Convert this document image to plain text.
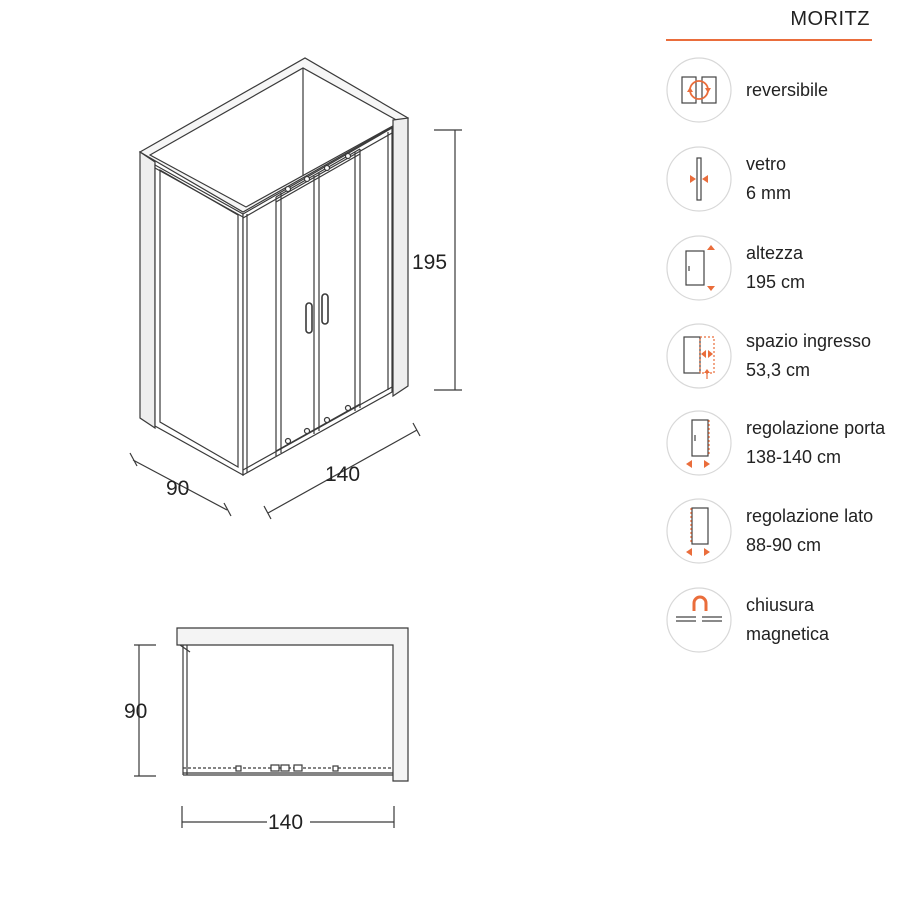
195
90
140
90
140
MORITZ
reversibile
vetro
6 mm
altezza
195 cm
spazio ingresso
53,3 cm
regolazione porta
138-140 cm
regolazione lato
88-90 cm
chiusura
magnetica
